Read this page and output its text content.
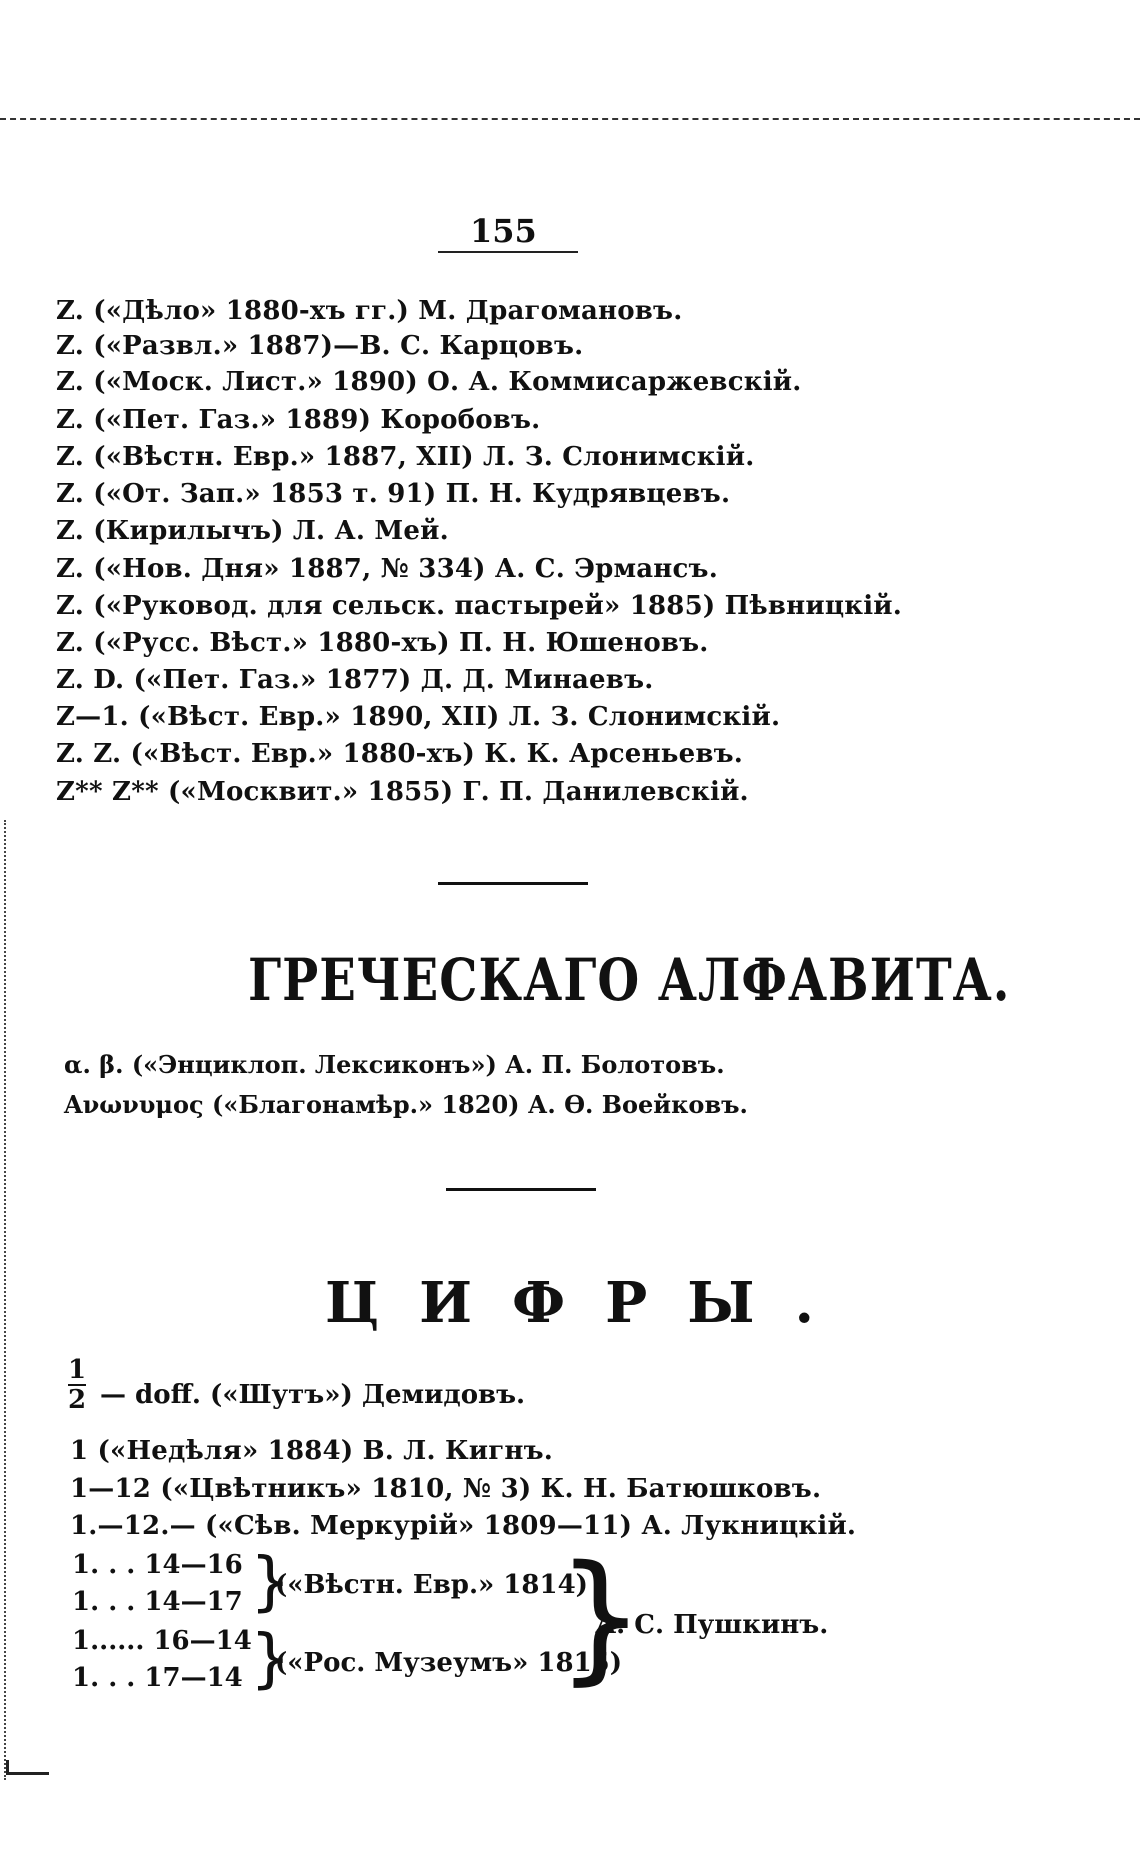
155
Z. («Дѣло» 1880-хъ гг.) М. Драгомановъ.
Z. («Развл.» 1887)—В. С. Карцовъ.
Z. («Моск. Лист.» 1890) О. А. Коммисаржевскій.
Z. («Пет. Газ.» 1889) Коробовъ.
Z. («Вѣстн. Евр.» 1887, XII) Л. З. Слонимскій.
Z. («От. Зап.» 1853 т. 91) П. Н. Кудрявцевъ.
Z. (Кирилычъ) Л. А. Мей.
Z. («Нов. Дня» 1887, № 334) А. С. Эрмансъ.
Z. («Руковод. для сельск. пастырей» 1885) Пѣвницкій.
Z. («Русс. Вѣст.» 1880-хъ) П. Н. Юшеновъ.
Z. D. («Пет. Газ.» 1877) Д. Д. Минаевъ.
Z—1. («Вѣст. Евр.» 1890, XII) Л. З. Слонимскій.
Z. Z. («Вѣст. Евр.» 1880-хъ) К. К. Арсеньевъ.
Z** Z** («Москвит.» 1855) Г. П. Данилевскій.
ГРЕЧЕСКАГО АЛФАВИТА.
α. β. («Энциклоп. Лексиконъ») А. П. Болотовъ.
Ανωνυμος («Благонамѣр.» 1820) А. Ѳ. Воейковъ.
ЦИФРЫ.
1
2 — doff. («Шутъ») Демидовъ.
1 («Недѣля» 1884) В. Л. Кигнъ.
1—12 («Цвѣтникъ» 1810, № 3) К. Н. Батюшковъ.
1.—12.— («Сѣв. Меркурій» 1809—11) А. Лукницкій.
1. . . 14—16
1. . . 14—17
1...... 16—14
1. . . 17—14
}
}
(«Вѣстн. Евр.» 1814)
(«Рос. Музеумъ» 1815)
}
А. С. Пушкинъ.
